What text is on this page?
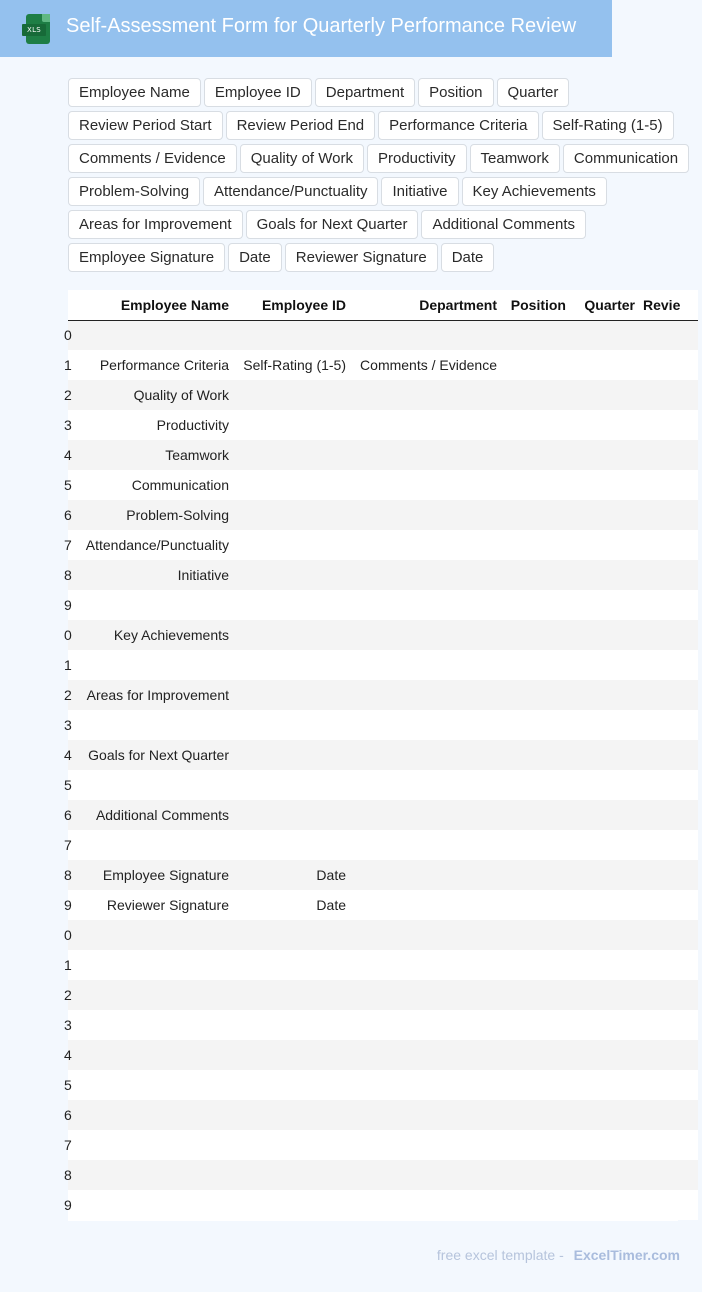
XLS Self-Assessment Form for Quarterly Performance Review
Employee Name	Employee ID	Department	Position	Quarter
Review Period Start	Review Period End	Performance Criteria	Self-Rating (1-5)
Comments / Evidence	Quality of Work	Productivity	Teamwork	Communication
Problem-Solving	Attendance/Punctuality	Initiative	Key Achievements
Areas for Improvement	Goals for Next Quarter	Additional Comments
Employee Signature	Date	Reviewer Signature	Date
	Employee Name	Employee ID	Department	Position	Quarter	Revie

0						

1	Performance Criteria	Self-Rating (1-5)	Comments / Evidence			

2	Quality of Work					

3	Productivity					

4	Teamwork					

5	Communication					

6	Problem-Solving					

7	Attendance/Punctuality					

8	Initiative					

9						

0	Key Achievements					

1						

2	Areas for Improvement					

3						

4	Goals for Next Quarter					

5						

6	Additional Comments					

7						

8	Employee Signature	Date				

9	Reviewer Signature	Date				

0						

1						

2						

3						

4						

5						

6						

7						

8						

9						

free excel template - ExcelTimer.com
